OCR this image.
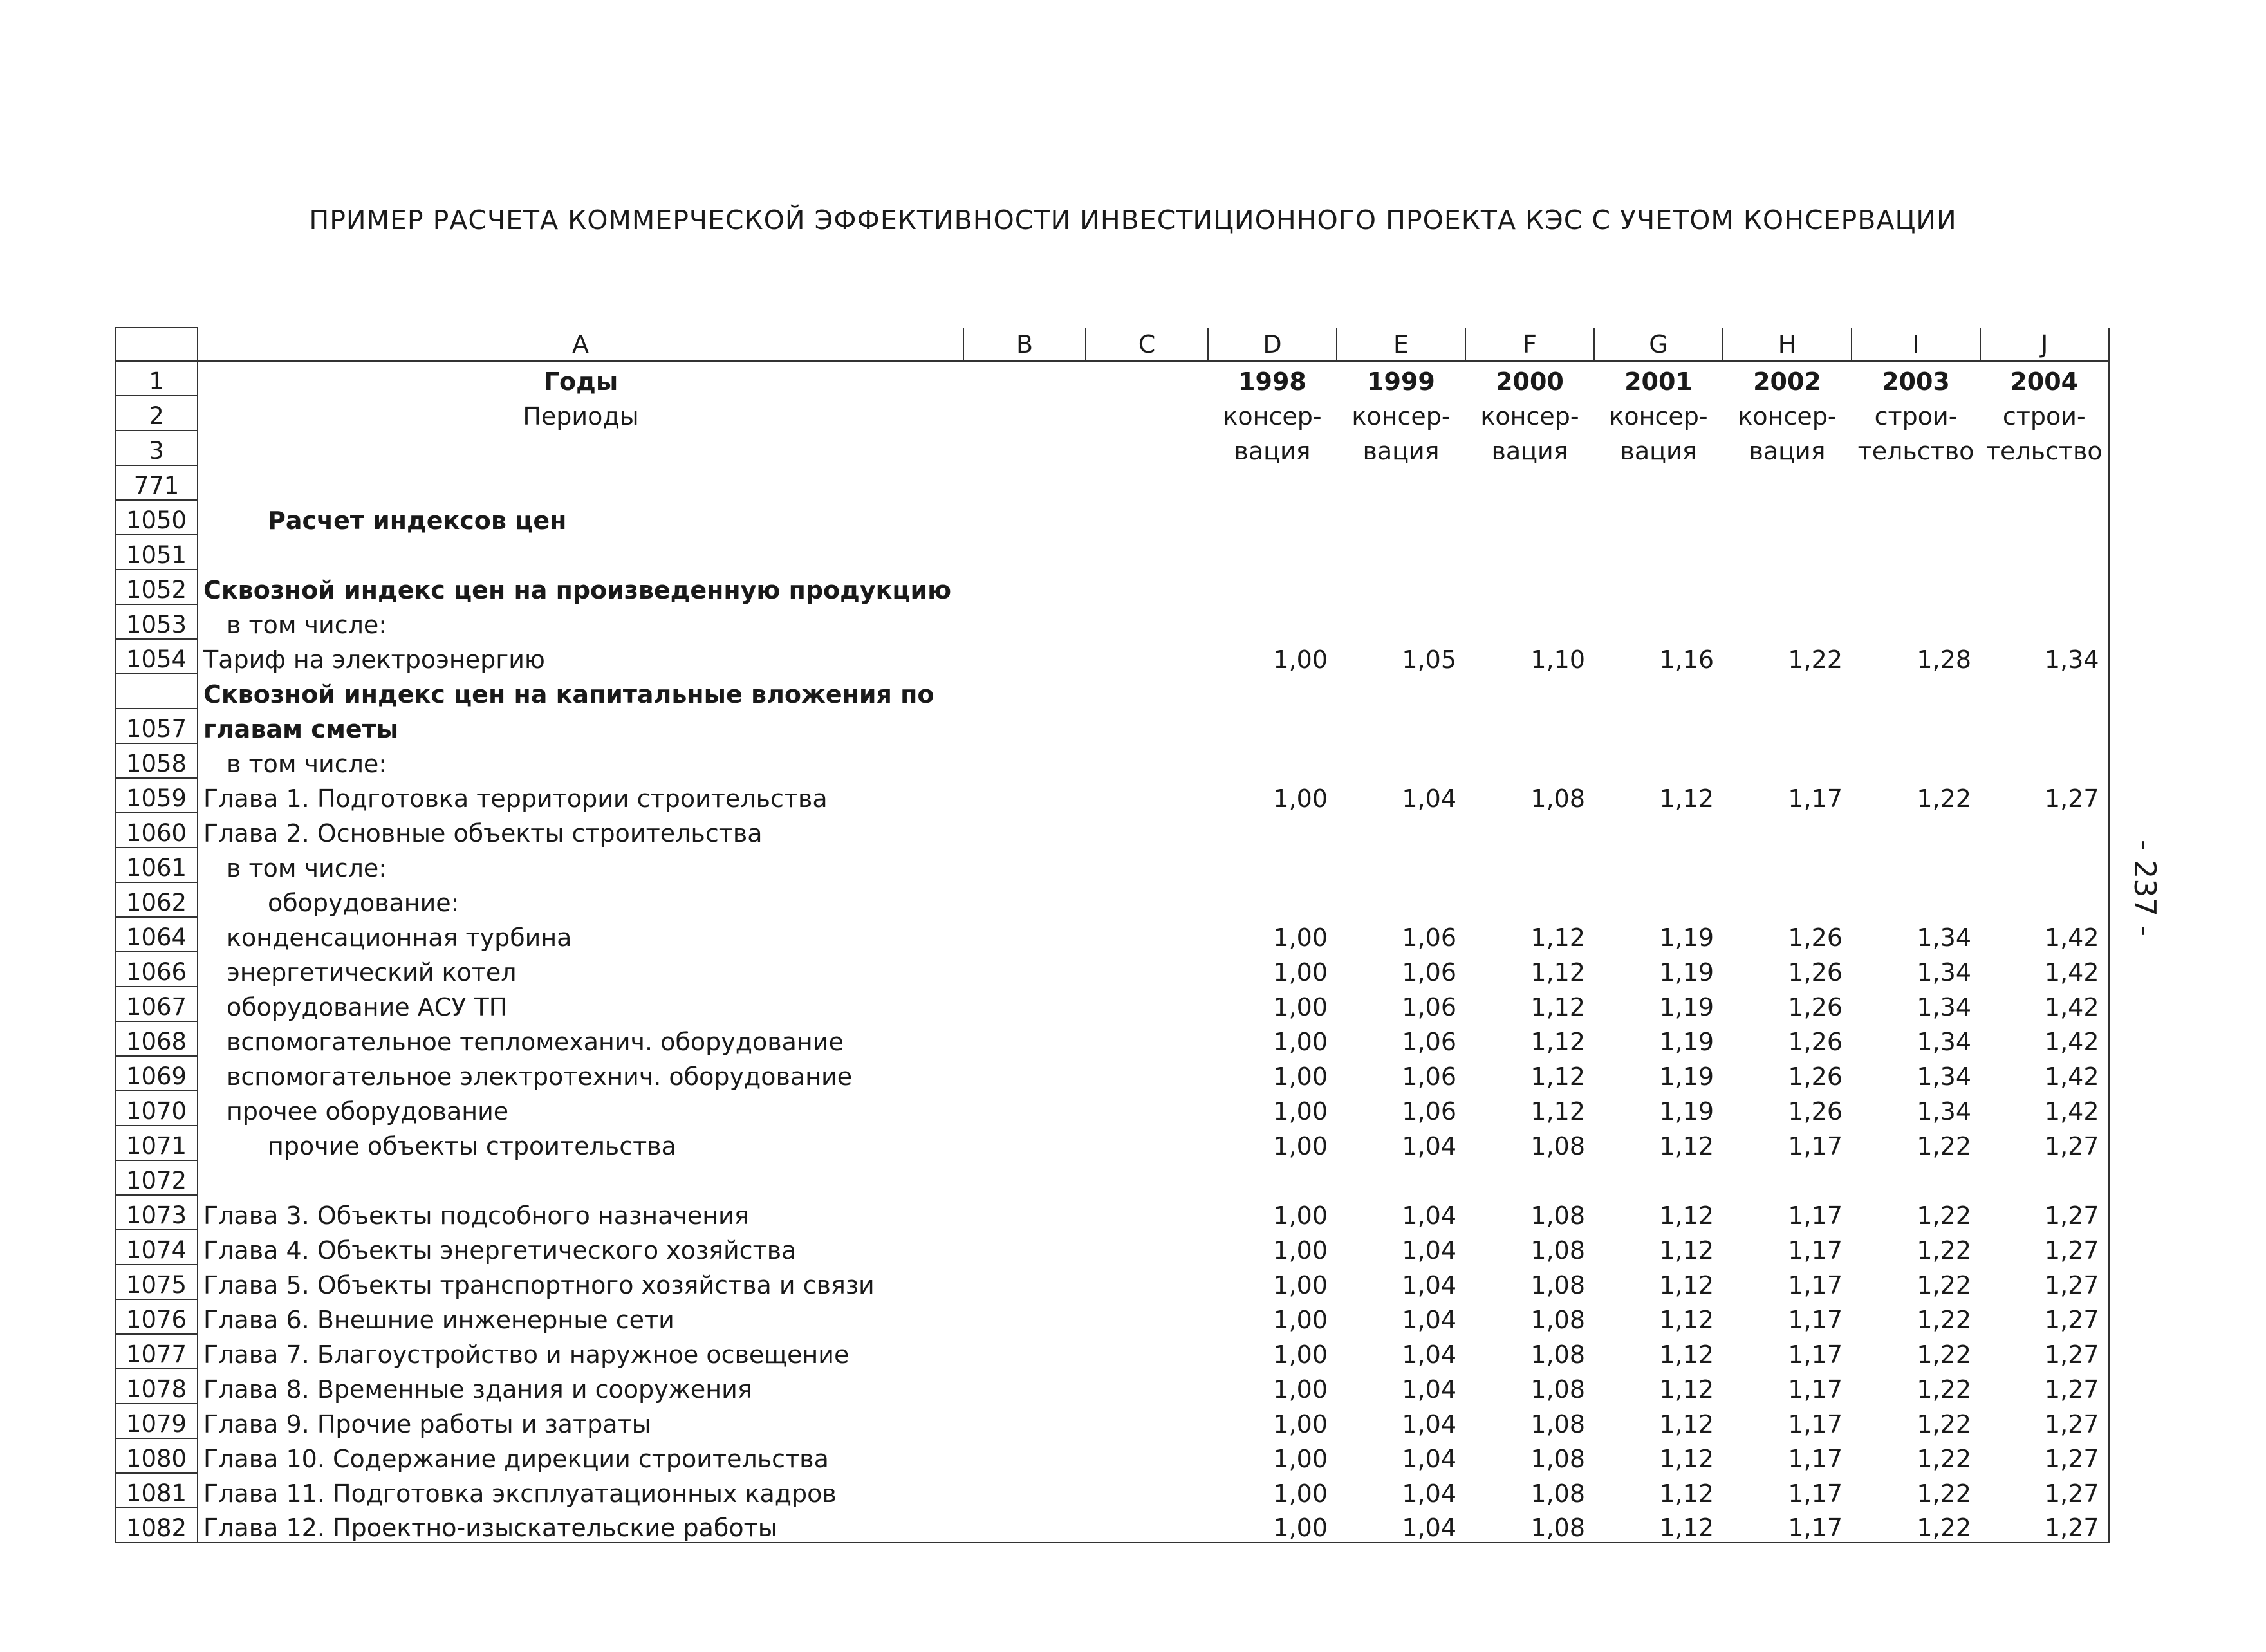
ПРИМЕР РАСЧЕТА КОММЕРЧЕСКОЙ ЭФФЕКТИВНОСТИ ИНВЕСТИЦИОННОГО ПРОЕКТА КЭС С УЧЕТОМ КОНСЕРВАЦИИ
- 237 -
	A	B	C	D	E	F	G	H	I	J
1	Годы			1998	1999	2000	2001	2002	2003	2004
2	Периоды			консер-	консер-	консер-	консер-	консер-	строи-	строи-
3				вация	вация	вация	вация	вация	тельство	тельство
771										
1050	Расчет индексов цен									
1051										
1052	Сквозной индекс цен на произведенную продукцию									
1053	в том числе:									
1054	Тариф на электроэнергию			1,00	1,05	1,10	1,16	1,22	1,28	1,34
	Сквозной индекс цен на капитальные вложения по									
1057	главам сметы									
1058	в том числе:									
1059	Глава 1. Подготовка территории строительства			1,00	1,04	1,08	1,12	1,17	1,22	1,27
1060	Глава 2. Основные объекты строительства									
1061	в том числе:									
1062	оборудование:									
1064	конденсационная турбина			1,00	1,06	1,12	1,19	1,26	1,34	1,42
1066	энергетический котел			1,00	1,06	1,12	1,19	1,26	1,34	1,42
1067	оборудование АСУ ТП			1,00	1,06	1,12	1,19	1,26	1,34	1,42
1068	вспомогательное тепломеханич. оборудование			1,00	1,06	1,12	1,19	1,26	1,34	1,42
1069	вспомогательное электротехнич. оборудование			1,00	1,06	1,12	1,19	1,26	1,34	1,42
1070	прочее оборудование			1,00	1,06	1,12	1,19	1,26	1,34	1,42
1071	прочие объекты строительства			1,00	1,04	1,08	1,12	1,17	1,22	1,27
1072										
1073	Глава 3. Объекты подсобного назначения			1,00	1,04	1,08	1,12	1,17	1,22	1,27
1074	Глава 4. Объекты энергетического хозяйства			1,00	1,04	1,08	1,12	1,17	1,22	1,27
1075	Глава 5. Объекты транспортного хозяйства и связи			1,00	1,04	1,08	1,12	1,17	1,22	1,27
1076	Глава 6. Внешние инженерные сети			1,00	1,04	1,08	1,12	1,17	1,22	1,27
1077	Глава 7. Благоустройство и наружное освещение			1,00	1,04	1,08	1,12	1,17	1,22	1,27
1078	Глава 8. Временные здания и сооружения			1,00	1,04	1,08	1,12	1,17	1,22	1,27
1079	Глава 9. Прочие работы и затраты			1,00	1,04	1,08	1,12	1,17	1,22	1,27
1080	Глава 10. Содержание дирекции строительства			1,00	1,04	1,08	1,12	1,17	1,22	1,27
1081	Глава 11. Подготовка эксплуатационных кадров			1,00	1,04	1,08	1,12	1,17	1,22	1,27
1082	Глава 12. Проектно-изыскательские работы			1,00	1,04	1,08	1,12	1,17	1,22	1,27
